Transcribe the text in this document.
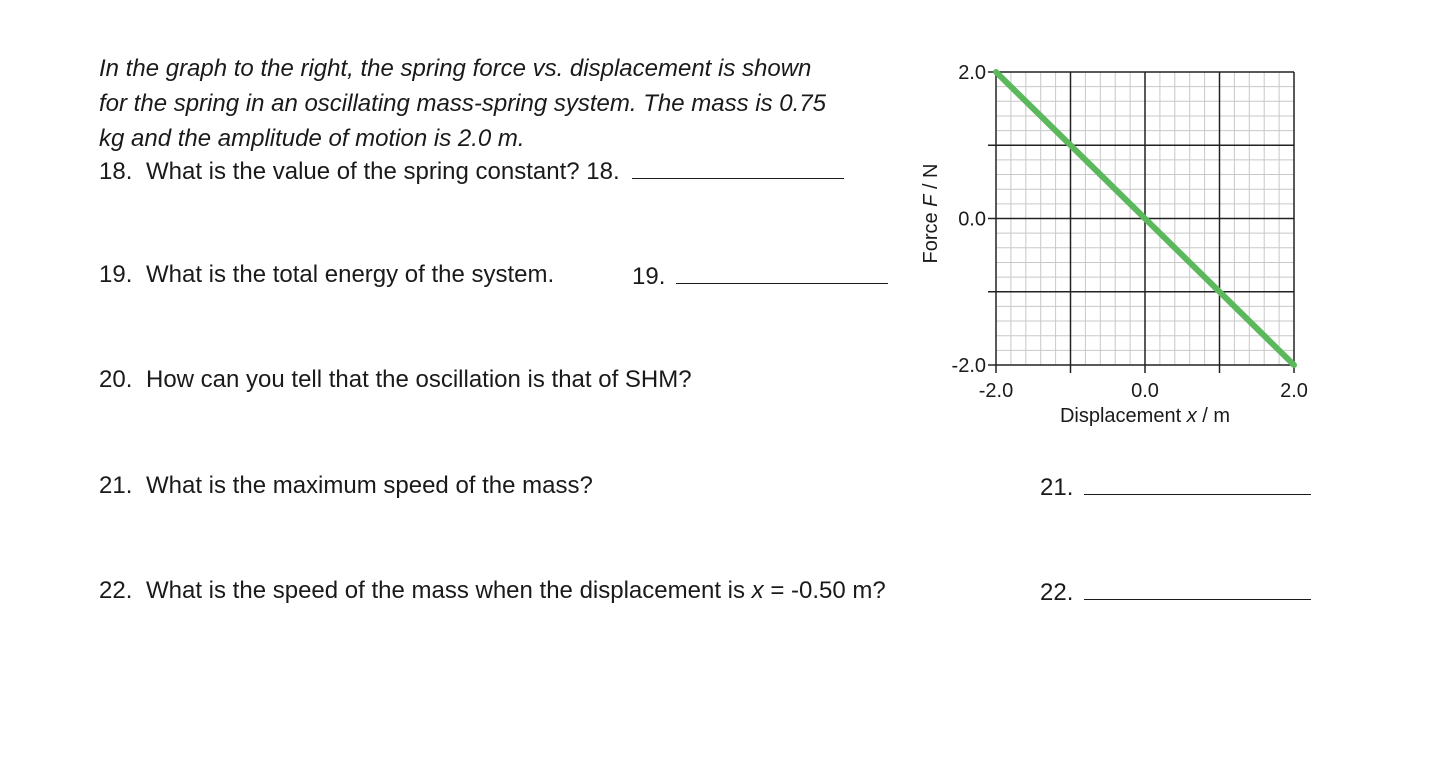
In the graph to the right, the spring force vs. displacement is shown
for the spring in an oscillating mass-spring system. The mass is 0.75
kg and the amplitude of motion is 2.0 m.
18. What is the value of the spring constant? 18.
19. What is the total energy of the system.	19.
20. How can you tell that the oscillation is that of SHM?
21. What is the maximum speed of the mass?	21.
22. What is the speed of the mass when the displacement is x = -0.50 m?	22.
2.0
0.0
-2.0
-2.0	0.0	2.0
Displacement x / m
Force F / N
